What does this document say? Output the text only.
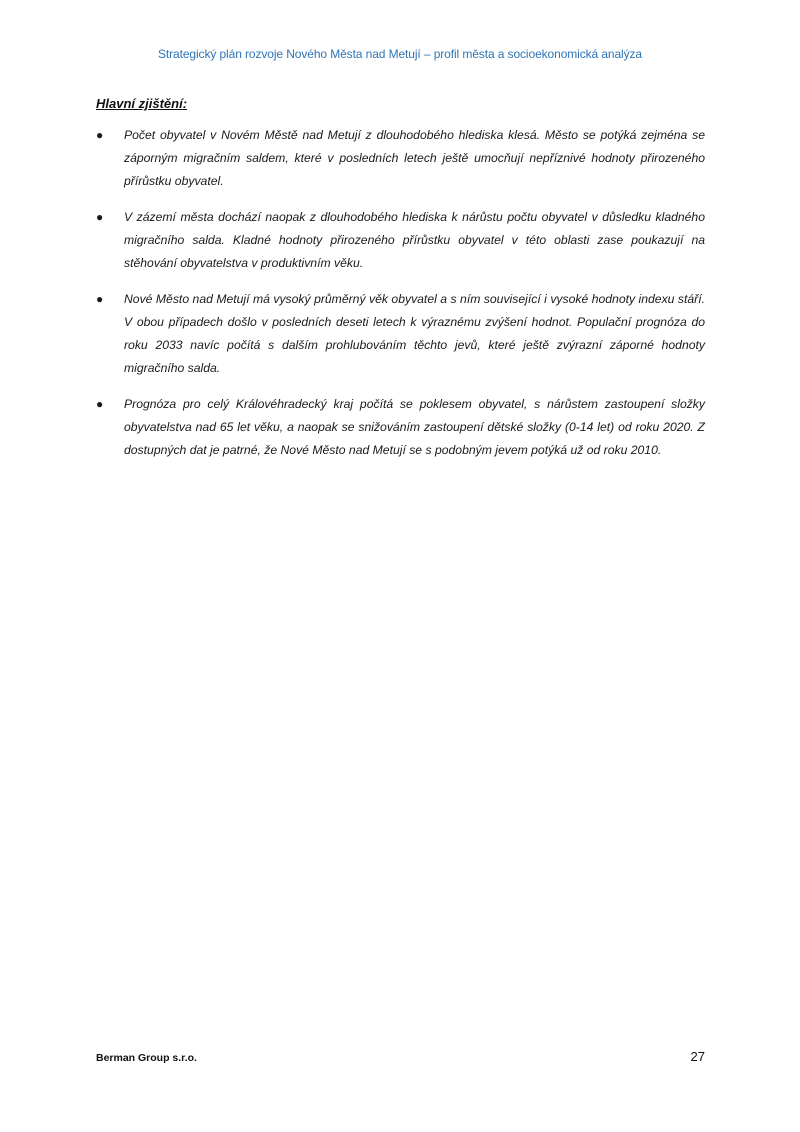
Strategický plán rozvoje Nového Města nad Metují – profil města a socioekonomická analýza
Hlavní zjištění:
●	Počet obyvatel v Novém Městě nad Metují z dlouhodobého hlediska klesá. Město se potýká zejména se záporným migračním saldem, které v posledních letech ještě umocňují nepříznivé hodnoty přirozeného přírůstku obyvatel.
●	V zázemí města dochází naopak z dlouhodobého hlediska k nárůstu počtu obyvatel v důsledku kladného migračního salda. Kladné hodnoty přirozeného přírůstku obyvatel v této oblasti zase poukazují na stěhování obyvatelstva v produktivním věku.
●	Nové Město nad Metují má vysoký průměrný věk obyvatel a s ním související i vysoké hodnoty indexu stáří. V obou případech došlo v posledních deseti letech k výraznému zvýšení hodnot. Populační prognóza do roku 2033 navíc počítá s dalším prohlubováním těchto jevů, které ještě zvýrazní záporné hodnoty migračního salda.
●	Prognóza pro celý Královéhradecký kraj počítá se poklesem obyvatel, s nárůstem zastoupení složky obyvatelstva nad 65 let věku, a naopak se snižováním zastoupení dětské složky (0-14 let) od roku 2020. Z dostupných dat je patrné, že Nové Město nad Metují se s podobným jevem potýká už od roku 2010.
Berman Group s.r.o.	27
